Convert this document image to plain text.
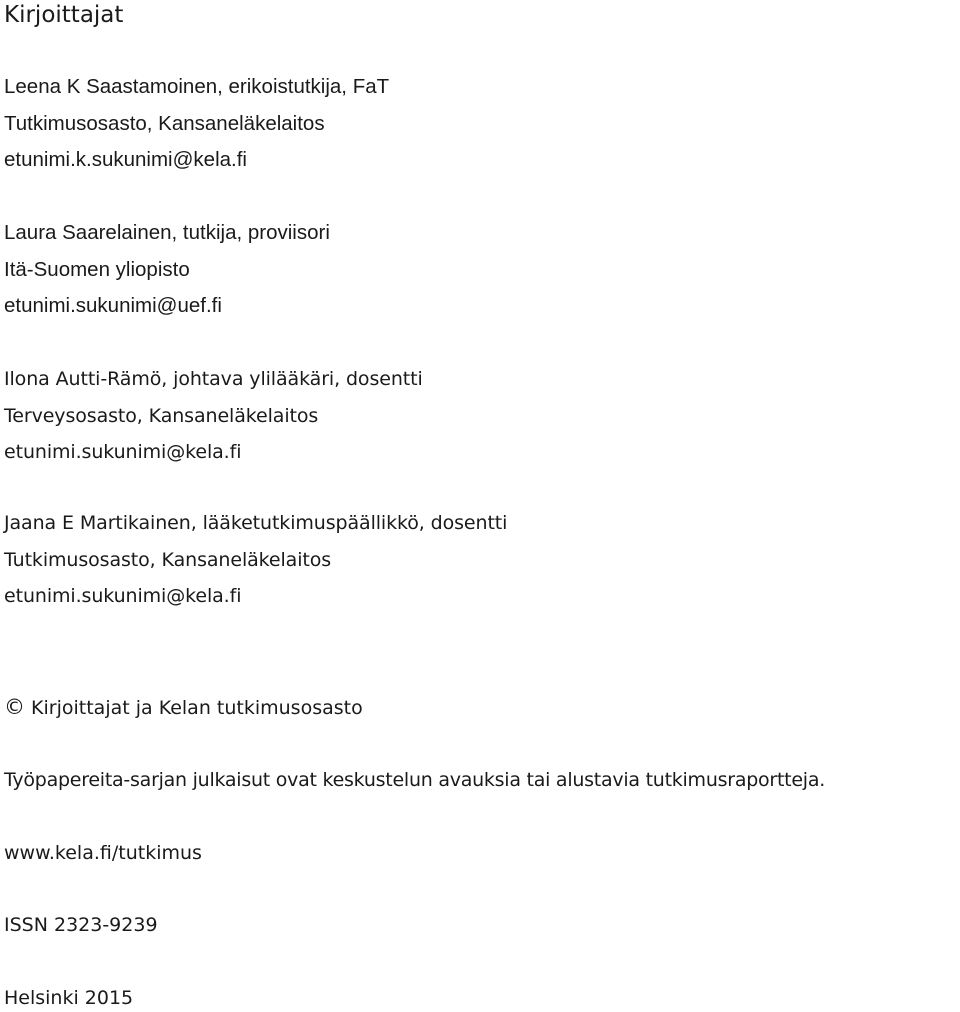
Kirjoittajat
Leena K Saastamoinen, erikoistutkija, FaT
Tutkimusosasto, Kansaneläkelaitos
etunimi.k.sukunimi@kela.fi
Laura Saarelainen, tutkija, proviisori
Itä-Suomen yliopisto
etunimi.sukunimi@uef.fi
Ilona Autti-Rämö, johtava ylilääkäri, dosentti
Terveysosasto, Kansaneläkelaitos
etunimi.sukunimi@kela.fi
Jaana E Martikainen, lääketutkimuspäällikkö, dosentti
Tutkimusosasto, Kansaneläkelaitos
etunimi.sukunimi@kela.fi
© Kirjoittajat ja Kelan tutkimusosasto
Työpapereita-sarjan julkaisut ovat keskustelun avauksia tai alustavia tutkimusraportteja.
www.kela.fi/tutkimus
ISSN 2323-9239
Helsinki 2015
